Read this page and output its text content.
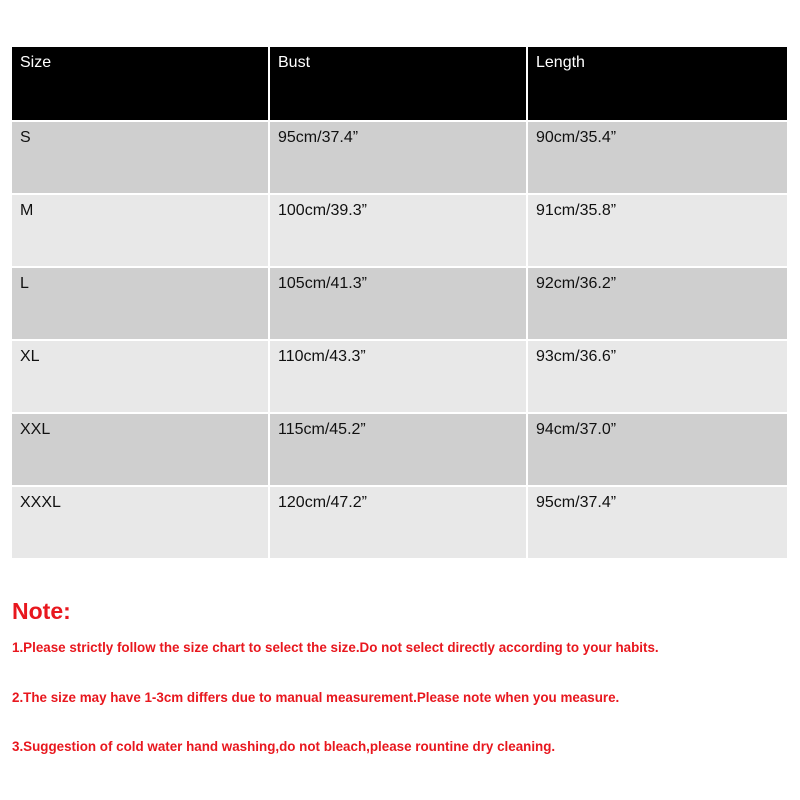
Size	Bust	Length
S	95cm/37.4”	90cm/35.4”
M	100cm/39.3”	91cm/35.8”
L	105cm/41.3”	92cm/36.2”
XL	110cm/43.3”	93cm/36.6”
XXL	115cm/45.2”	94cm/37.0”
XXXL	120cm/47.2”	95cm/37.4”
Note:

1.Please strictly follow the size chart to select the size.Do not select directly according to your habits.

2.The size may have 1-3cm differs due to manual measurement.Please note when you measure.

3.Suggestion of cold water hand washing,do not bleach,please rountine dry cleaning.
